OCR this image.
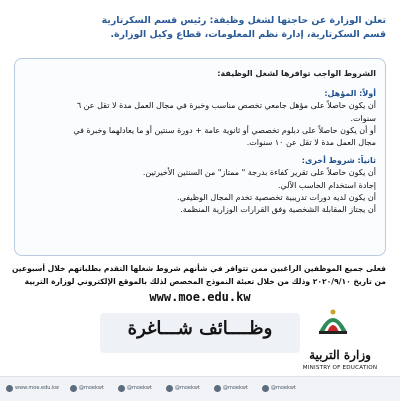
تعلن الوزارة عن حاجتها لشغل وظيفة: رئيس قسم السكرتارية
قسم السكرتارية، إدارة نظم المعلومات، قطاع وكيل الوزارة.
الشروط الواجب توافرها لشغل الوظيفة:
أولاً: المؤهل:
أن يكون حاصلاً على مؤهل جامعي تخصص مناسب وخبرة في مجال العمل مدة لا تقل عن ٦
سنوات.
أو أن يكون حاصلاً على دبلوم تخصصي أو ثانوية عامة + دورة سنتين أو ما يعادلهما وخبرة في
مجال العمل مدة لا تقل عن ١٠ سنوات.
ثانياً: شروط أخرى:
أن يكون حاصلاً على تقرير كفاءة بدرجة " ممتاز" من السنتين الأخيرتين.
إجادة استخدام الحاسب الآلي.
أن يكون لديه دورات تدريبية تخصصية تخدم المجال الوظيفي.
أن يجتاز المقابلة الشخصية وفق القرارات الوزارية المنظمة.
فعلى جميع الموظفين الراغبين ممن تتوافر في شأنهم شروط شغلها التقدم بطلباتهم خلال أسبوعين
من تاريخ ٢٠٢٠/٩/١٠ وذلك من خلال تعبئة النموذج المخصص لذلك بالموقع الإلكتروني لوزارة التربية
www.moe.edu.kw
وظــــائف شـــاغرة
وزارة التربية
MINISTRY OF EDUCATION
www.moe.edu.kw	@moekwt	@moekwt	@moekwt	@moekwt	@moekwt
